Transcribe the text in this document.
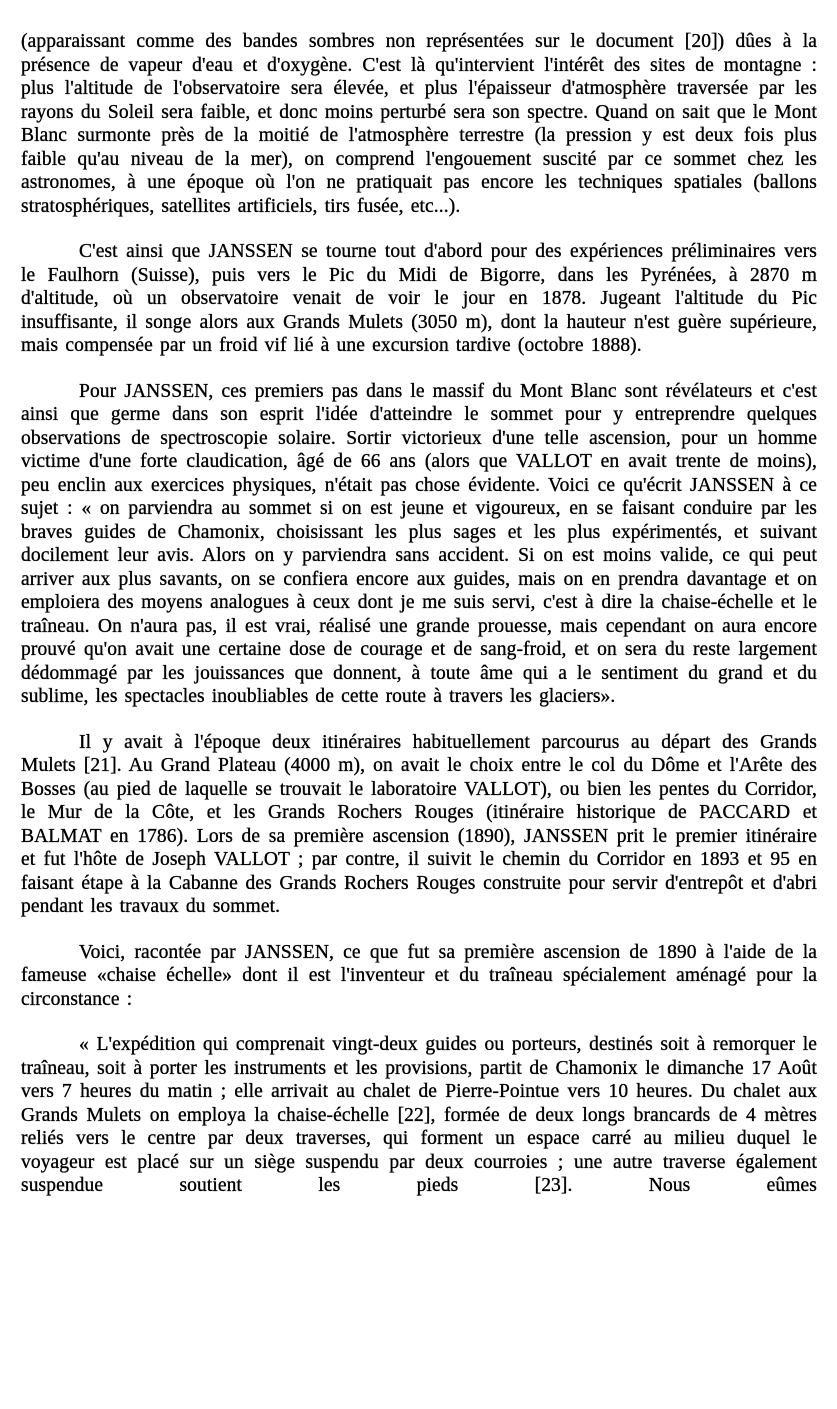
(apparaissant comme des bandes sombres non représentées sur le document [20]) dûes à la présence de vapeur d'eau et d'oxygène. C'est là qu'intervient l'intérêt des sites de montagne : plus l'altitude de l'observatoire sera élevée, et plus l'épaisseur d'atmosphère traversée par les rayons du Soleil sera faible, et donc moins perturbé sera son spectre. Quand on sait que le Mont Blanc surmonte près de la moitié de l'atmosphère terrestre (la pression y est deux fois plus faible qu'au niveau de la mer), on comprend l'engouement suscité par ce sommet chez les astronomes, à une époque où l'on ne pratiquait pas encore les techniques spatiales (ballons stratosphériques, satellites artificiels, tirs fusée, etc...).

C'est ainsi que JANSSEN se tourne tout d'abord pour des expériences préliminaires vers le Faulhorn (Suisse), puis vers le Pic du Midi de Bigorre, dans les Pyrénées, à 2870 m d'altitude, où un observatoire venait de voir le jour en 1878. Jugeant l'altitude du Pic insuffisante, il songe alors aux Grands Mulets (3050 m), dont la hauteur n'est guère supérieure, mais compensée par un froid vif lié à une excursion tardive (octobre 1888).

Pour JANSSEN, ces premiers pas dans le massif du Mont Blanc sont révélateurs et c'est ainsi que germe dans son esprit l'idée d'atteindre le sommet pour y entreprendre quelques observations de spectroscopie solaire. Sortir victorieux d'une telle ascension, pour un homme victime d'une forte claudication, âgé de 66 ans (alors que VALLOT en avait trente de moins), peu enclin aux exercices physiques, n'était pas chose évidente. Voici ce qu'écrit JANSSEN à ce sujet : « on parviendra au sommet si on est jeune et vigoureux, en se faisant conduire par les braves guides de Chamonix, choisissant les plus sages et les plus expérimentés, et suivant docilement leur avis. Alors on y parviendra sans accident. Si on est moins valide, ce qui peut arriver aux plus savants, on se confiera encore aux guides, mais on en prendra davantage et on emploiera des moyens analogues à ceux dont je me suis servi, c'est à dire la chaise-échelle et le traîneau. On n'aura pas, il est vrai, réalisé une grande prouesse, mais cependant on aura encore prouvé qu'on avait une certaine dose de courage et de sang-froid, et on sera du reste largement dédommagé par les jouissances que donnent, à toute âme qui a le sentiment du grand et du sublime, les spectacles inoubliables de cette route à travers les glaciers».

Il y avait à l'époque deux itinéraires habituellement parcourus au départ des Grands Mulets [21]. Au Grand Plateau (4000 m), on avait le choix entre le col du Dôme et l'Arête des Bosses (au pied de laquelle se trouvait le laboratoire VALLOT), ou bien les pentes du Corridor, le Mur de la Côte, et les Grands Rochers Rouges (itinéraire historique de PACCARD et BALMAT en 1786). Lors de sa première ascension (1890), JANSSEN prit le premier itinéraire et fut l'hôte de Joseph VALLOT ; par contre, il suivit le chemin du Corridor en 1893 et 95 en faisant étape à la Cabanne des Grands Rochers Rouges construite pour servir d'entrepôt et d'abri pendant les travaux du sommet.

Voici, racontée par JANSSEN, ce que fut sa première ascension de 1890 à l'aide de la fameuse «chaise échelle» dont il est l'inventeur et du traîneau spécialement aménagé pour la circonstance :

« L'expédition qui comprenait vingt-deux guides ou porteurs, destinés soit à remorquer le traîneau, soit à porter les instruments et les provisions, partit de Chamonix le dimanche 17 Août vers 7 heures du matin ; elle arrivait au chalet de Pierre-Pointue vers 10 heures. Du chalet aux Grands Mulets on employa la chaise-échelle [22], formée de deux longs brancards de 4 mètres reliés vers le centre par deux traverses, qui forment un espace carré au milieu duquel le voyageur est placé sur un siège suspendu par deux courroies ; une autre traverse également suspendue soutient les pieds [23]. Nous eûmes
